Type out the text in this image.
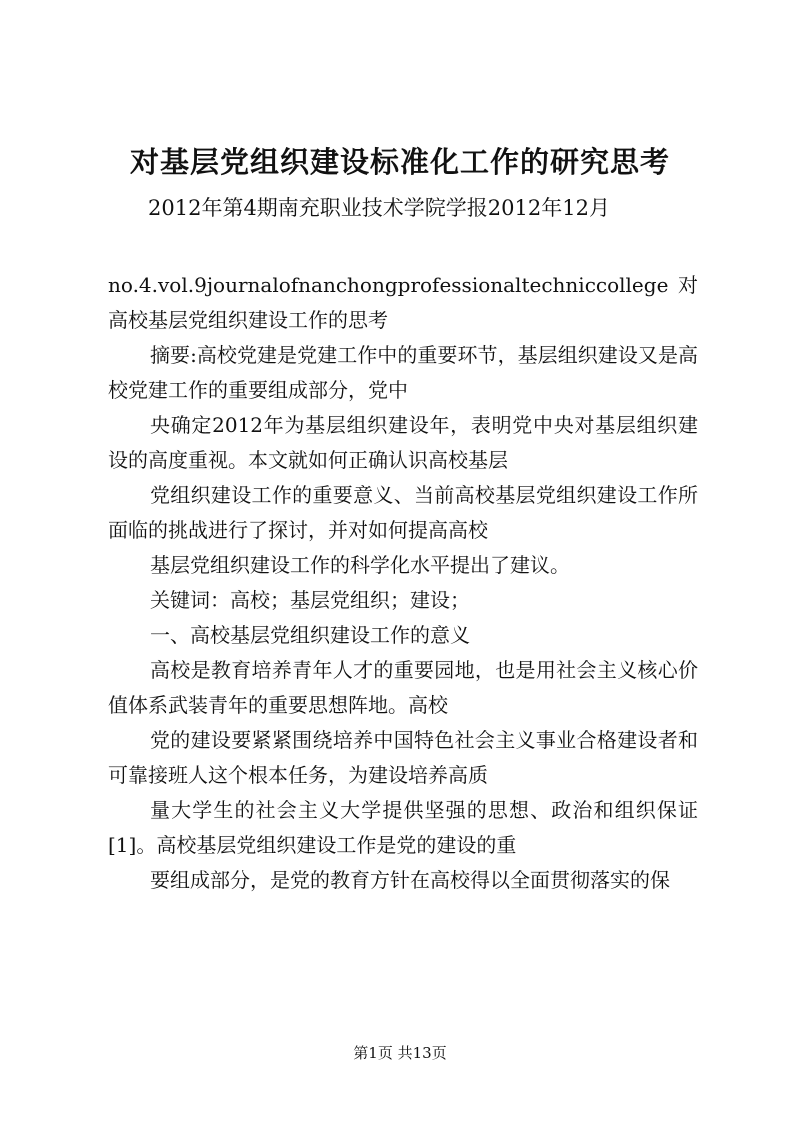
对基层党组织建设标准化工作的研究思考
2012年第4期南充职业技术学院学报2012年12月

no.4.vol.9journalofnanchongprofessionaltechniccollege对高校基层党组织建设工作的思考

摘要:高校党建是党建工作中的重要环节，基层组织建设又是高校党建工作的重要组成部分，党中

央确定2012年为基层组织建设年，表明党中央对基层组织建设的高度重视。本文就如何正确认识高校基层

党组织建设工作的重要意义、当前高校基层党组织建设工作所面临的挑战进行了探讨，并对如何提高高校

基层党组织建设工作的科学化水平提出了建议。

关键词：高校；基层党组织；建设；

一、高校基层党组织建设工作的意义

高校是教育培养青年人才的重要园地，也是用社会主义核心价值体系武装青年的重要思想阵地。高校

党的建设要紧紧围绕培养中国特色社会主义事业合格建设者和可靠接班人这个根本任务，为建设培养高质

量大学生的社会主义大学提供坚强的思想、政治和组织保证[1]。高校基层党组织建设工作是党的建设的重

要组成部分，是党的教育方针在高校得以全面贯彻落实的保

第1页 共13页
